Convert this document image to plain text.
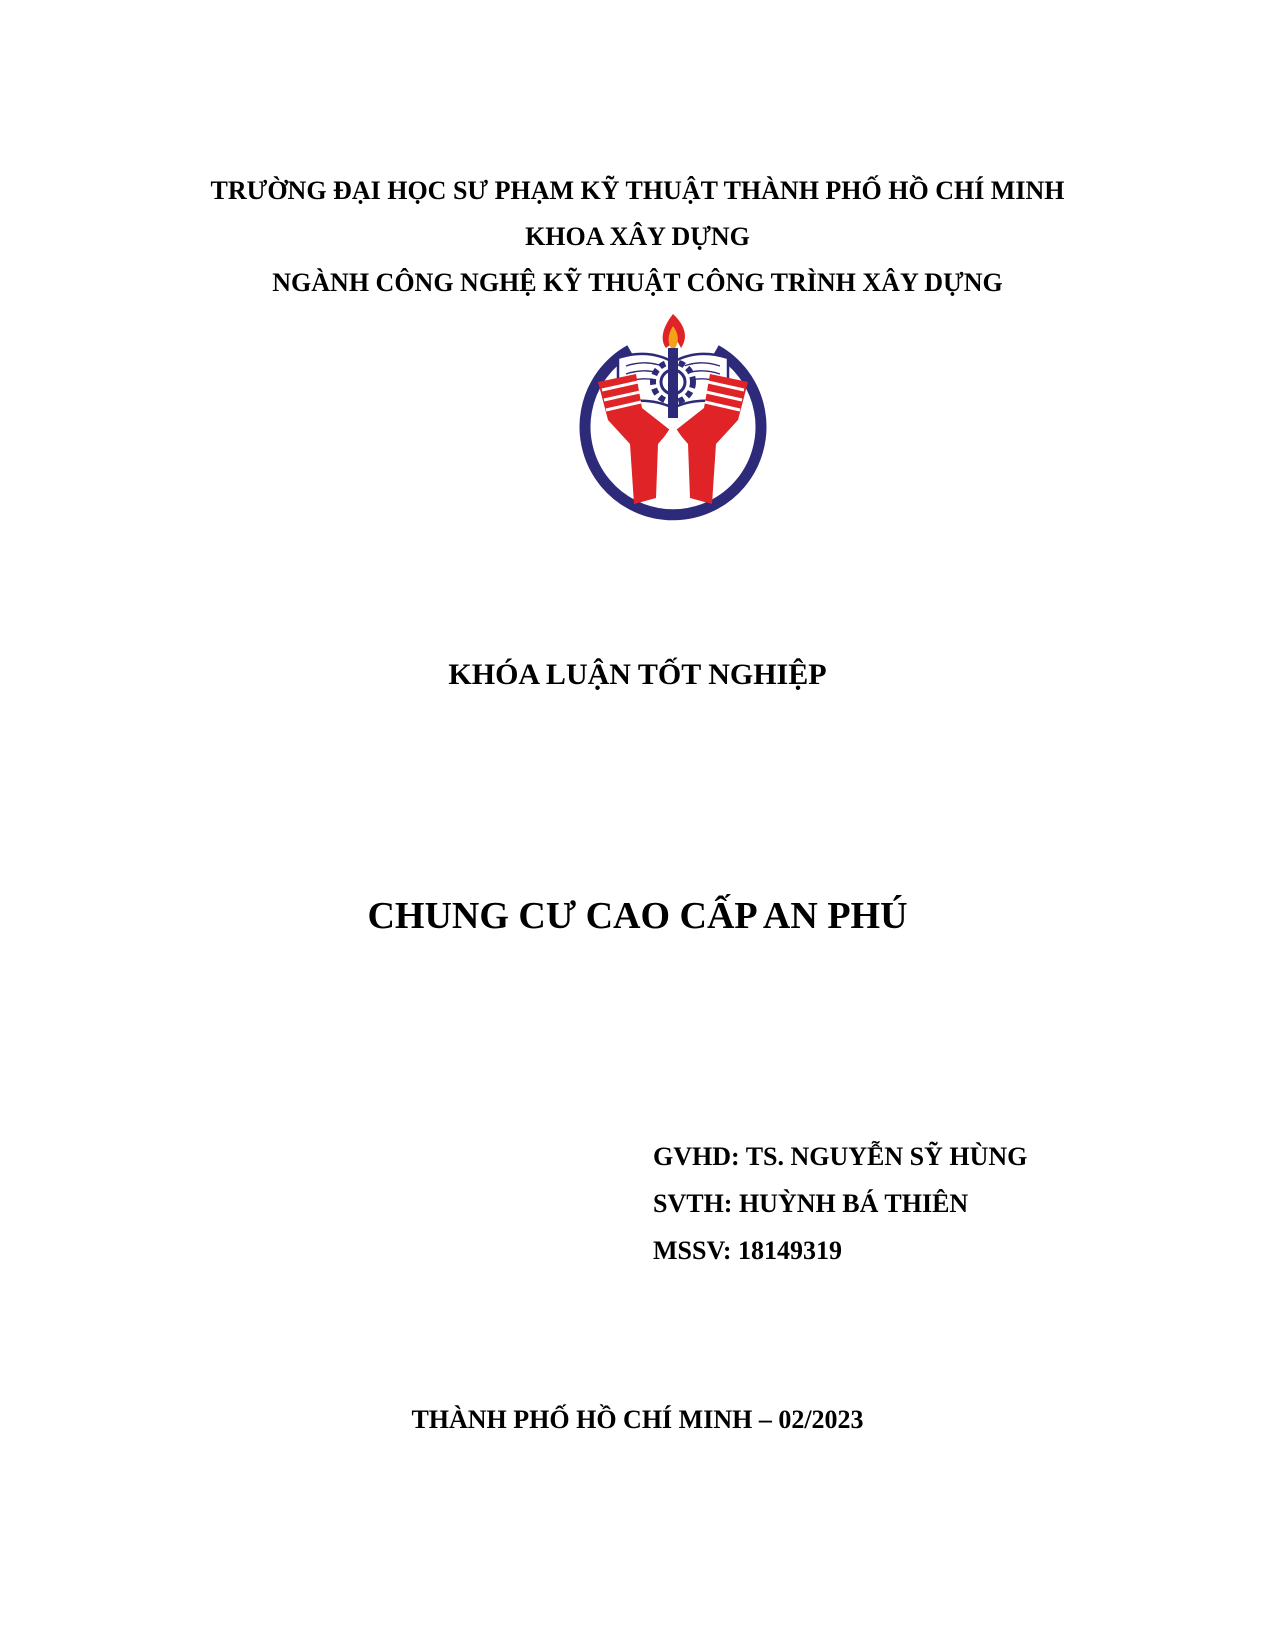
TRƯỜNG ĐẠI HỌC SƯ PHẠM KỸ THUẬT THÀNH PHỐ HỒ CHÍ MINH
KHOA XÂY DỰNG
NGÀNH CÔNG NGHỆ KỸ THUẬT CÔNG TRÌNH XÂY DỰNG
KHÓA LUẬN TỐT NGHIỆP
CHUNG CƯ CAO CẤP AN PHÚ
GVHD: TS. NGUYỄN SỸ HÙNG
SVTH: HUỲNH BÁ THIÊN
MSSV: 18149319
THÀNH PHỐ HỒ CHÍ MINH – 02/2023
